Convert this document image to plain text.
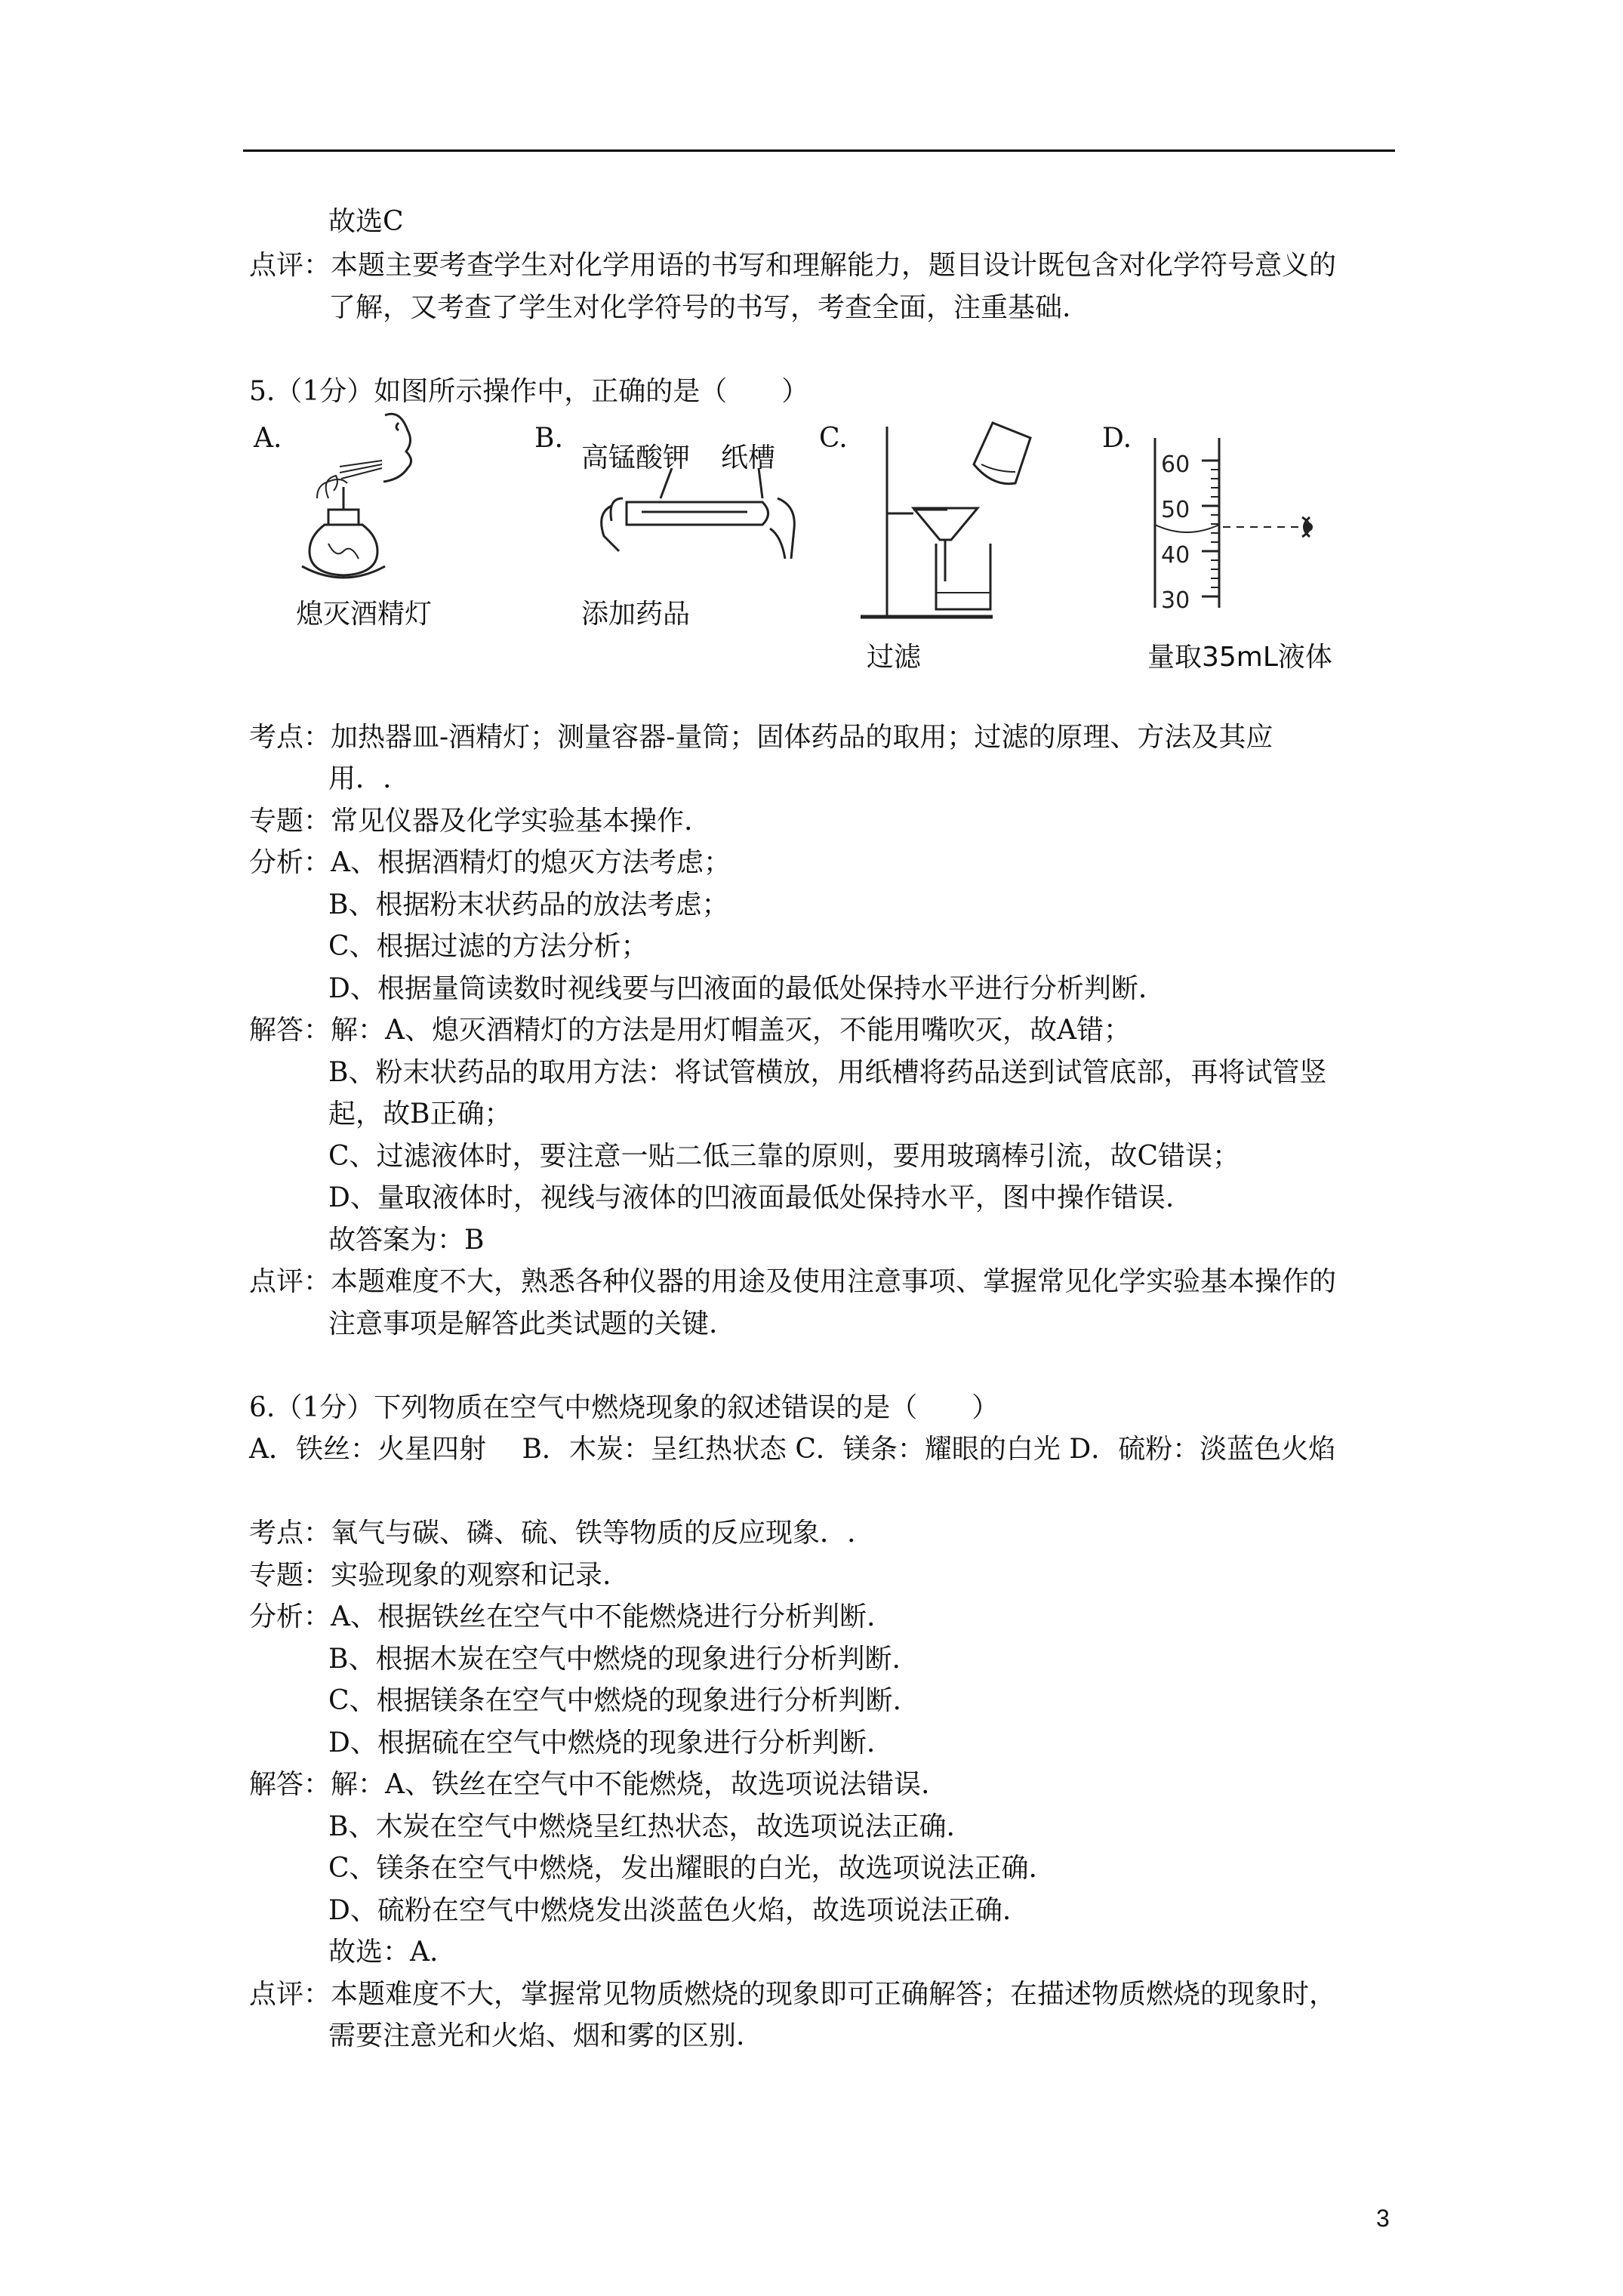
故选C
点评：本题主要考查学生对化学用语的书写和理解能力，题目设计既包含对化学符号意义的
了解，又考查了学生对化学符号的书写，考查全面，注重基础.
5.（1分）如图所示操作中，正确的是（　　）
A.	B.	C.	D.
熄灭酒精灯
高锰酸钾 纸槽
添加药品
过滤
60
50
40
30
量取35mL液体
考点：加热器皿-酒精灯；测量容器-量筒；固体药品的取用；过滤的原理、方法及其应
用．.
专题：常见仪器及化学实验基本操作.
分析：A、根据酒精灯的熄灭方法考虑；
B、根据粉末状药品的放法考虑；
C、根据过滤的方法分析；
D、根据量筒读数时视线要与凹液面的最低处保持水平进行分析判断.
解答：解：A、熄灭酒精灯的方法是用灯帽盖灭，不能用嘴吹灭，故A错；
B、粉末状药品的取用方法：将试管横放，用纸槽将药品送到试管底部，再将试管竖
起，故B正确；
C、过滤液体时，要注意一贴二低三靠的原则，要用玻璃棒引流，故C错误；
D、量取液体时，视线与液体的凹液面最低处保持水平，图中操作错误.
故答案为：B
点评：本题难度不大，熟悉各种仪器的用途及使用注意事项、掌握常见化学实验基本操作的
注意事项是解答此类试题的关键.
6.（1分）下列物质在空气中燃烧现象的叙述错误的是（　　）
A．铁丝：火星四射　 B．木炭：呈红热状态 C．镁条：耀眼的白光 D．硫粉：淡蓝色火焰
考点：氧气与碳、磷、硫、铁等物质的反应现象．.
专题：实验现象的观察和记录.
分析：A、根据铁丝在空气中不能燃烧进行分析判断.
B、根据木炭在空气中燃烧的现象进行分析判断.
C、根据镁条在空气中燃烧的现象进行分析判断.
D、根据硫在空气中燃烧的现象进行分析判断.
解答：解：A、铁丝在空气中不能燃烧，故选项说法错误.
B、木炭在空气中燃烧呈红热状态，故选项说法正确.
C、镁条在空气中燃烧，发出耀眼的白光，故选项说法正确.
D、硫粉在空气中燃烧发出淡蓝色火焰，故选项说法正确.
故选：A.
点评：本题难度不大，掌握常见物质燃烧的现象即可正确解答；在描述物质燃烧的现象时，
需要注意光和火焰、烟和雾的区别.
3
